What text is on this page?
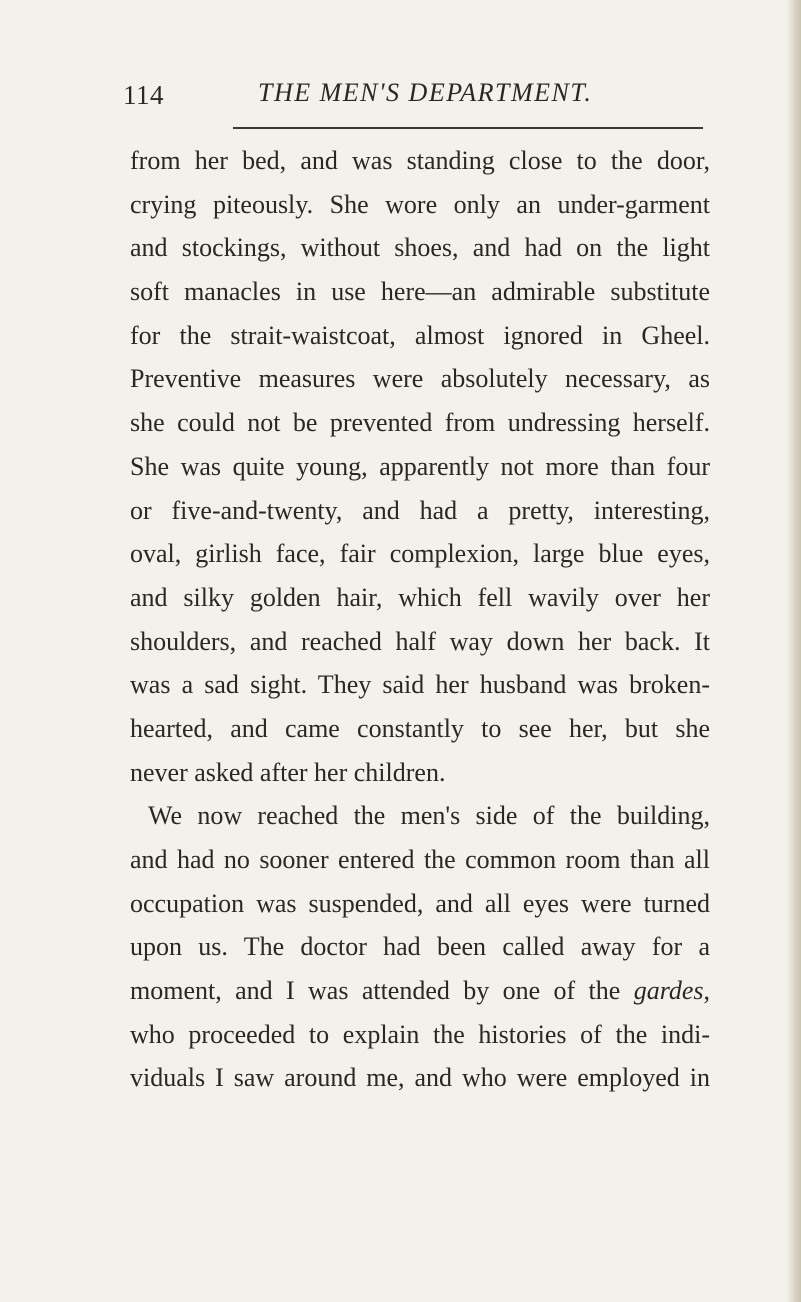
114	THE MEN'S DEPARTMENT.
from her bed, and was standing close to the door,
crying piteously. She wore only an under-garment
and stockings, without shoes, and had on the light
soft manacles in use here—an admirable substitute
for the strait-waistcoat, almost ignored in Gheel.
Preventive measures were absolutely necessary, as
she could not be prevented from undressing herself.
She was quite young, apparently not more than four
or five-and-twenty, and had a pretty, interesting,
oval, girlish face, fair complexion, large blue eyes,
and silky golden hair, which fell wavily over her
shoulders, and reached half way down her back. It
was a sad sight. They said her husband was broken-
hearted, and came constantly to see her, but she
never asked after her children.
We now reached the men's side of the building,
and had no sooner entered the common room than all
occupation was suspended, and all eyes were turned
upon us. The doctor had been called away for a
moment, and I was attended by one of the gardes,
who proceeded to explain the histories of the indi-
viduals I saw around me, and who were employed in
